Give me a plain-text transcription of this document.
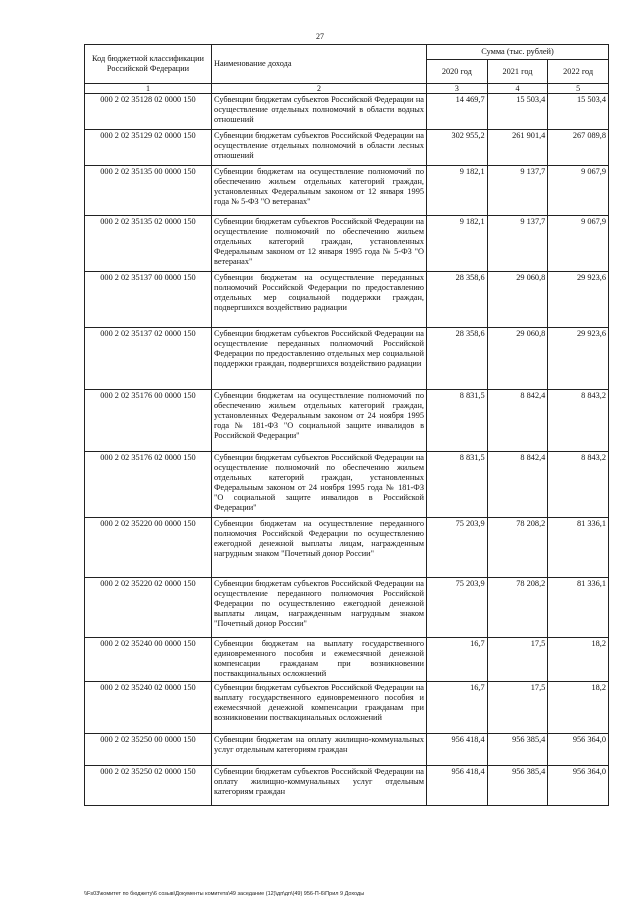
27
Код бюджетной классификации Российской Федерации	Наименование дохода	Сумма (тыс. рублей)		
		2020 год	2021 год	2022 год
1	2	3	4	5
000 2 02 35128 02 0000 150	Субвенции бюджетам субъектов Российской Федерации на осуществление отдельных полномочий в области водных отношений	14 469,7	15 503,4	15 503,4
000 2 02 35129 02 0000 150	Субвенции бюджетам субъектов Российской Федерации на осуществление отдельных полномочий в области лесных отношений	302 955,2	261 901,4	267 089,8
000 2 02 35135 00 0000 150	Субвенции бюджетам на осуществление полномочий по обеспечению жильем отдельных категорий граждан, установленных Федеральным законом от 12 января 1995 года № 5-ФЗ "О ветеранах"	9 182,1	9 137,7	9 067,9
000 2 02 35135 02 0000 150	Субвенции бюджетам субъектов Российской Федерации на осуществление полномочий по обеспечению жильем отдельных категорий граждан, установленных Федеральным законом от 12 января 1995 года № 5-ФЗ "О ветеранах"	9 182,1	9 137,7	9 067,9
000 2 02 35137 00 0000 150	Субвенции бюджетам на осуществление переданных полномочий Российской Федерации по предоставлению отдельных мер социальной поддержки граждан, подвергшихся воздействию радиации	28 358,6	29 060,8	29 923,6
000 2 02 35137 02 0000 150	Субвенции бюджетам субъектов Российской Федерации на осуществление переданных полномочий Российской Федерации по предоставлению отдельных мер социальной поддержки граждан, подвергшихся воздействию радиации	28 358,6	29 060,8	29 923,6
000 2 02 35176 00 0000 150	Субвенции бюджетам на осуществление полномочий по обеспечению жильем отдельных категорий граждан, установленных Федеральным законом от 24 ноября 1995 года № 181-ФЗ "О социальной защите инвалидов в Российской Федерации"	8 831,5	8 842,4	8 843,2
000 2 02 35176 02 0000 150	Субвенции бюджетам субъектов Российской Федерации на осуществление полномочий по обеспечению жильем отдельных категорий граждан, установленных Федеральным законом от 24 ноября 1995 года № 181-ФЗ "О социальной защите инвалидов в Российской Федерации"	8 831,5	8 842,4	8 843,2
000 2 02 35220 00 0000 150	Субвенции бюджетам на осуществление переданного полномочия Российской Федерации по осуществлению ежегодной денежной выплаты лицам, награжденным нагрудным знаком "Почетный донор России"	75 203,9	78 208,2	81 336,1
000 2 02 35220 02 0000 150	Субвенции бюджетам субъектов Российской Федерации на осуществление переданного полномочия Российской Федерации по осуществлению ежегодной денежной выплаты лицам, награжденным нагрудным знаком "Почетный донор России"	75 203,9	78 208,2	81 336,1
000 2 02 35240 00 0000 150	Субвенции бюджетам на выплату государственного единовременного пособия и ежемесячной денежной компенсации гражданам при возникновении поствакцинальных осложнений	16,7	17,5	18,2
000 2 02 35240 02 0000 150	Субвенции бюджетам субъектов Российской Федерации на выплату государственного единовременного пособия и ежемесячной денежной компенсации гражданам при возникновении поствакцинальных осложнений	16,7	17,5	18,2
000 2 02 35250 00 0000 150	Субвенции бюджетам на оплату жилищно-коммунальных услуг отдельным категориям граждан	956 418,4	956 385,4	956 364,0
000 2 02 35250 02 0000 150	Субвенции бюджетам субъектов Российской Федерации на оплату жилищно-коммунальных услуг отдельным категориям граждан	956 418,4	956 385,4	956 364,0
\\Fs03\комитет по бюджету\6 созыв\Документы комитета\49 заседание (12)\дп\дп\(49) 956-П-6\Прил 9 Доходы
